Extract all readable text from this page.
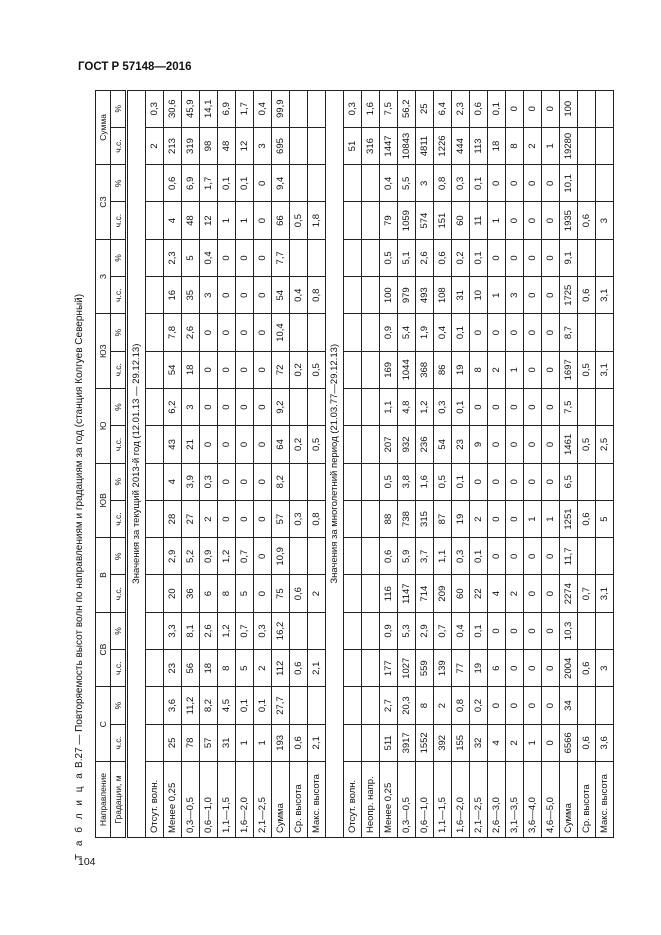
ГОСТ Р 57148—2016
104
Т а б л и ц а В.27 — Повторяемость высот волн по направлениям и градациям за год (станция Колгуев Северный)
Направление	С		СВ		В		ЮВ		Ю		ЮЗ		З		СЗ		Сумма	
Градации, м	ч.с.	%	ч.с.	%	ч.с.	%	ч.с.	%	ч.с.	%	ч.с.	%	ч.с.	%	ч.с.	%	ч.с.	%
Значения за текущий 2013-й год (12.01.13 — 29.12.13)																		
Отсут. волн.																	2	0,3
Менее 0,25	25	3,6	23	3,3	20	2,9	28	4	43	6,2	54	7,8	16	2,3	4	0,6	213	30,6
0,3—0,5	78	11,2	56	8,1	36	5,2	27	3,9	21	3	18	2,6	35	5	48	6,9	319	45,9
0,6—1,0	57	8,2	18	2,6	6	0,9	2	0,3	0	0	0	0	3	0,4	12	1,7	98	14,1
1,1—1,5	31	4,5	8	1,2	8	1,2	0	0	0	0	0	0	0	0	1	0,1	48	6,9
1,6—2,0	1	0,1	5	0,7	5	0,7	0	0	0	0	0	0	0	0	1	0,1	12	1,7
2,1—2,5	1	0,1	2	0,3	0	0	0	0	0	0	0	0	0	0	0	0	3	0,4
Сумма	193	27,7	112	16,2	75	10,9	57	8,2	64	9,2	72	10,4	54	7,7	66	9,4	695	99,9
Ср. высота	0,6		0,6		0,6		0,3		0,2		0,2		0,4		0,5			
Макс. высота	2,1		2,1		2		0,8		0,5		0,5		0,8		1,8			
Значения за многолетний период (21.03.77—29.12.13)																		
Отсут. волн.																	51	0,3
Неопр. напр.																	316	1,6
Менее 0,25	511	2,7	177	0,9	116	0,6	88	0,5	207	1,1	169	0,9	100	0,5	79	0,4	1447	7,5
0,3—0,5	3917	20,3	1027	5,3	1147	5,9	738	3,8	932	4,8	1044	5,4	979	5,1	1059	5,5	10843	56,2
0,6—1,0	1552	8	559	2,9	714	3,7	315	1,6	236	1,2	368	1,9	493	2,6	574	3	4811	25
1,1—1,5	392	2	139	0,7	209	1,1	87	0,5	54	0,3	86	0,4	108	0,6	151	0,8	1226	6,4
1,6—2,0	155	0,8	77	0,4	60	0,3	19	0,1	23	0,1	19	0,1	31	0,2	60	0,3	444	2,3
2,1—2,5	32	0,2	19	0,1	22	0,1	2	0	9	0	8	0	10	0,1	11	0,1	113	0,6
2,6—3,0	4	0	6	0	4	0	0	0	0	0	2	0	1	0	1	0	18	0,1
3,1—3,5	2	0	0	0	2	0	0	0	0	0	1	0	3	0	0	0	8	0
3,6—4,0	1	0	0	0	0	0	1	0	0	0	0	0	0	0	0	0	2	0
4,6—5,0	0	0	0	0	0	0	1	0	0	0	0	0	0	0	0	0	1	0
Сумма	6566	34	2004	10,3	2274	11,7	1251	6,5	1461	7,5	1697	8,7	1725	9,1	1935	10,1	19280	100
Ср. высота	0,6		0,6		0,7		0,6		0,5		0,5		0,6		0,6			
Макс. высота	3,6		3		3,1		5		2,5		3,1		3,1		3			
